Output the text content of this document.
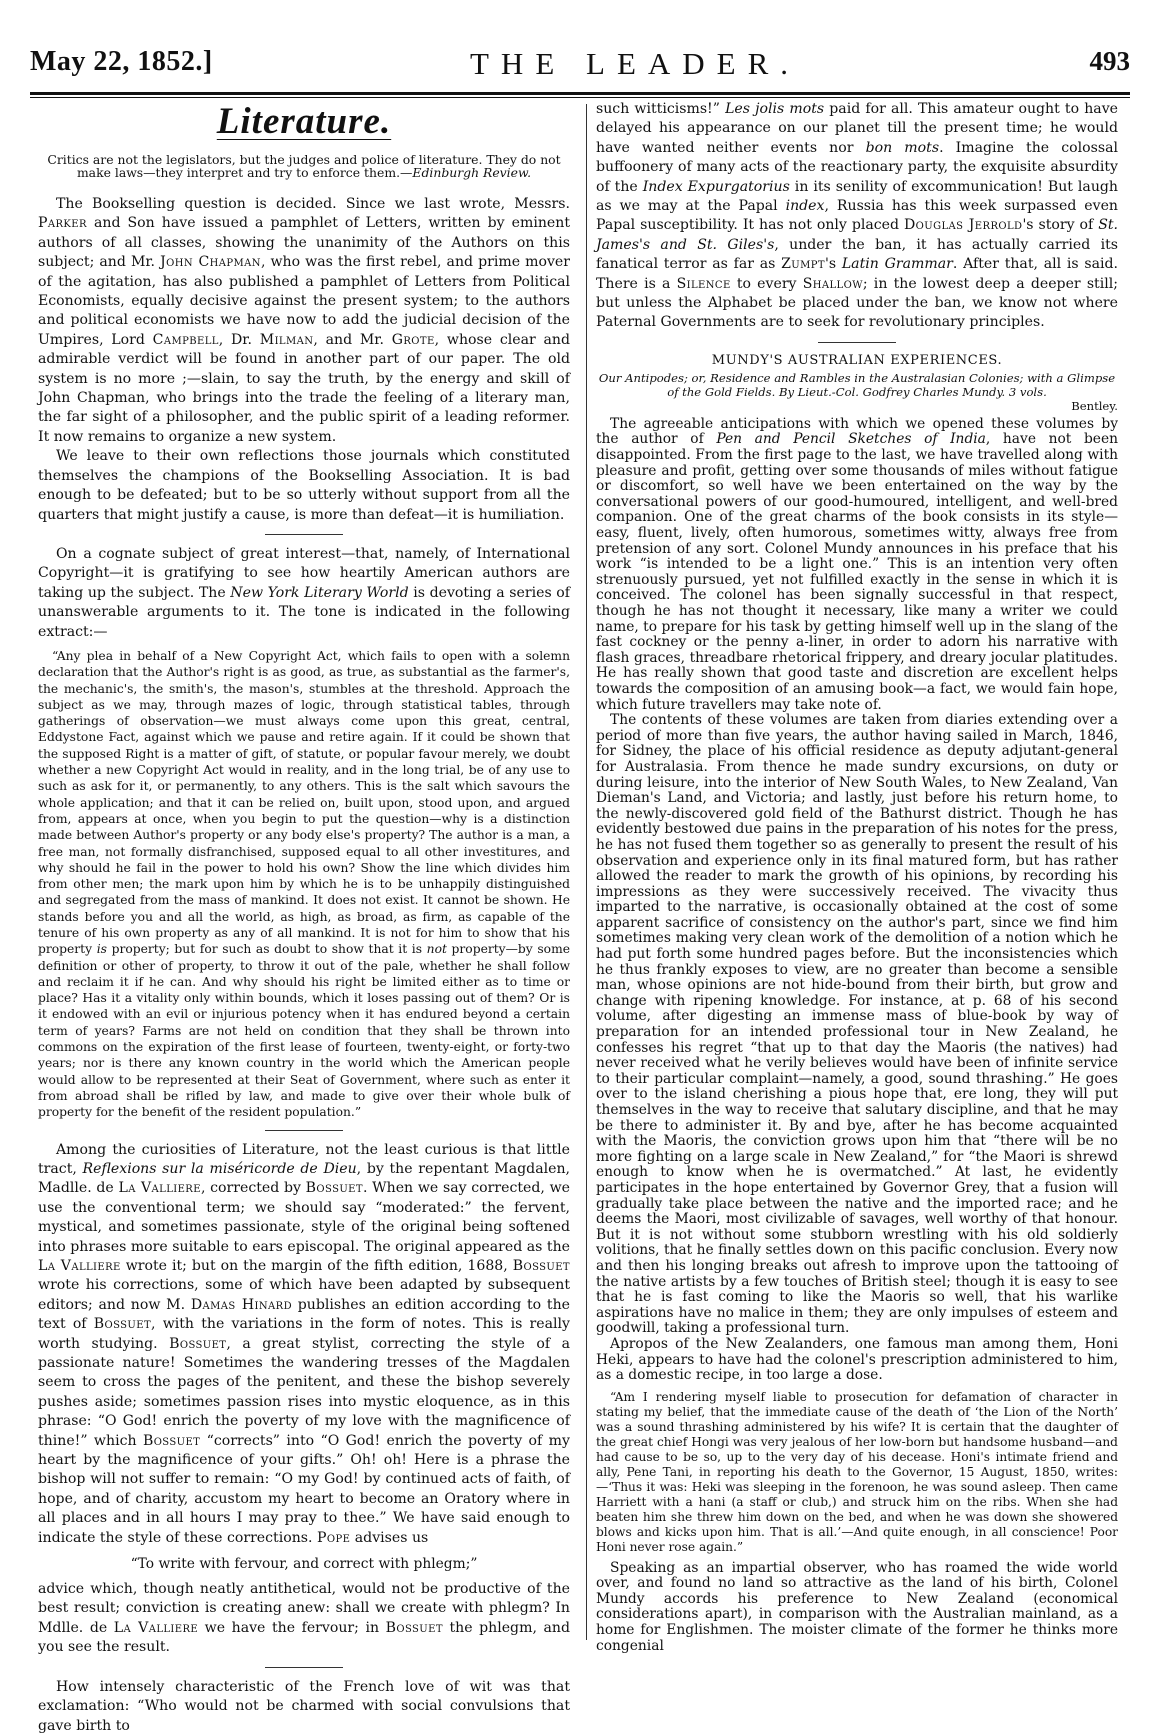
May 22, 1852.]	THE LEADER.	493
Literature.

Critics are not the legislators, but the judges and police of literature. They do not make laws—they interpret and try to enforce them.—Edinburgh Review.

The Bookselling question is decided. Since we last wrote, Messrs. Parker and Son have issued a pamphlet of Letters, written by eminent authors of all classes, showing the unanimity of the Authors on this subject; and Mr. John Chapman, who was the first rebel, and prime mover of the agitation, has also published a pamphlet of Letters from Political Economists, equally decisive against the present system; to the authors and political economists we have now to add the judicial decision of the Umpires, Lord Campbell, Dr. Milman, and Mr. Grote, whose clear and admirable verdict will be found in another part of our paper. The old system is no more ;—slain, to say the truth, by the energy and skill of John Chapman, who brings into the trade the feeling of a literary man, the far sight of a philosopher, and the public spirit of a leading reformer. It now remains to organize a new system.

We leave to their own reflections those journals which constituted themselves the champions of the Bookselling Association. It is bad enough to be defeated; but to be so utterly without support from all the quarters that might justify a cause, is more than defeat—it is humiliation.

On a cognate subject of great interest—that, namely, of International Copyright—it is gratifying to see how heartily American authors are taking up the subject. The New York Literary World is devoting a series of unanswerable arguments to it. The tone is indicated in the following extract:—

“Any plea in behalf of a New Copyright Act, which fails to open with a solemn declaration that the Author's right is as good, as true, as substantial as the farmer's, the mechanic's, the smith's, the mason's, stumbles at the threshold. Approach the subject as we may, through mazes of logic, through statistical tables, through gatherings of observation—we must always come upon this great, central, Eddystone Fact, against which we pause and retire again. If it could be shown that the supposed Right is a matter of gift, of statute, or popular favour merely, we doubt whether a new Copyright Act would in reality, and in the long trial, be of any use to such as ask for it, or permanently, to any others. This is the salt which savours the whole application; and that it can be relied on, built upon, stood upon, and argued from, appears at once, when you begin to put the question—why is a distinction made between Author's property or any body else's property? The author is a man, a free man, not formally disfranchised, supposed equal to all other investitures, and why should he fail in the power to hold his own? Show the line which divides him from other men; the mark upon him by which he is to be unhappily distinguished and segregated from the mass of mankind. It does not exist. It cannot be shown. He stands before you and all the world, as high, as broad, as firm, as capable of the tenure of his own property as any of all mankind. It is not for him to show that his property is property; but for such as doubt to show that it is not property—by some definition or other of property, to throw it out of the pale, whether he shall follow and reclaim it if he can. And why should his right be limited either as to time or place? Has it a vitality only within bounds, which it loses passing out of them? Or is it endowed with an evil or injurious potency when it has endured beyond a certain term of years? Farms are not held on condition that they shall be thrown into commons on the expiration of the first lease of fourteen, twenty-eight, or forty-two years; nor is there any known country in the world which the American people would allow to be represented at their Seat of Government, where such as enter it from abroad shall be rifled by law, and made to give over their whole bulk of property for the benefit of the resident population.”

Among the curiosities of Literature, not the least curious is that little tract, Reflexions sur la miséricorde de Dieu, by the repentant Magdalen, Madlle. de La Valliere, corrected by Bossuet. When we say corrected, we use the conventional term; we should say “moderated:” the fervent, mystical, and sometimes passionate, style of the original being softened into phrases more suitable to ears episcopal. The original appeared as the La Valliere wrote it; but on the margin of the fifth edition, 1688, Bossuet wrote his corrections, some of which have been adapted by subsequent editors; and now M. Damas Hinard publishes an edition according to the text of Bossuet, with the variations in the form of notes. This is really worth studying. Bossuet, a great stylist, correcting the style of a passionate nature! Sometimes the wandering tresses of the Magdalen seem to cross the pages of the penitent, and these the bishop severely pushes aside; sometimes passion rises into mystic eloquence, as in this phrase: “O God! enrich the poverty of my love with the magnificence of thine!” which Bossuet “corrects” into “O God! enrich the poverty of my heart by the magnificence of your gifts.” Oh! oh! Here is a phrase the bishop will not suffer to remain: “O my God! by continued acts of faith, of hope, and of charity, accustom my heart to become an Oratory where in all places and in all hours I may pray to thee.” We have said enough to indicate the style of these corrections. Pope advises us

“To write with fervour, and correct with phlegm;”

advice which, though neatly antithetical, would not be productive of the best result; conviction is creating anew: shall we create with phlegm? In Mdlle. de La Valliere we have the fervour; in Bossuet the phlegm, and you see the result.

How intensely characteristic of the French love of wit was that exclamation: “Who would not be charmed with social convulsions that gave birth to

such witticisms!” Les jolis mots paid for all. This amateur ought to have delayed his appearance on our planet till the present time; he would have wanted neither events nor bon mots. Imagine the colossal buffoonery of many acts of the reactionary party, the exquisite absurdity of the Index Expurgatorius in its senility of excommunication! But laugh as we may at the Papal index, Russia has this week surpassed even Papal susceptibility. It has not only placed Douglas Jerrold's story of St. James's and St. Giles's, under the ban, it has actually carried its fanatical terror as far as Zumpt's Latin Grammar. After that, all is said. There is a Silence to every Shallow; in the lowest deep a deeper still; but unless the Alphabet be placed under the ban, we know not where Paternal Governments are to seek for revolutionary principles.

MUNDY'S AUSTRALIAN EXPERIENCES.

Our Antipodes; or, Residence and Rambles in the Australasian Colonies; with a Glimpse of the Gold Fields. By Lieut.-Col. Godfrey Charles Mundy. 3 vols.

Bentley.

The agreeable anticipations with which we opened these volumes by the author of Pen and Pencil Sketches of India, have not been disappointed. From the first page to the last, we have travelled along with pleasure and profit, getting over some thousands of miles without fatigue or discomfort, so well have we been entertained on the way by the conversational powers of our good-humoured, intelligent, and well-bred companion. One of the great charms of the book consists in its style—easy, fluent, lively, often humorous, sometimes witty, always free from pretension of any sort. Colonel Mundy announces in his preface that his work “is intended to be a light one.” This is an intention very often strenuously pursued, yet not fulfilled exactly in the sense in which it is conceived. The colonel has been signally successful in that respect, though he has not thought it necessary, like many a writer we could name, to prepare for his task by getting himself well up in the slang of the fast cockney or the penny a-liner, in order to adorn his narrative with flash graces, threadbare rhetorical frippery, and dreary jocular platitudes. He has really shown that good taste and discretion are excellent helps towards the composition of an amusing book—a fact, we would fain hope, which future travellers may take note of.

The contents of these volumes are taken from diaries extending over a period of more than five years, the author having sailed in March, 1846, for Sidney, the place of his official residence as deputy adjutant-general for Australasia. From thence he made sundry excursions, on duty or during leisure, into the interior of New South Wales, to New Zealand, Van Dieman's Land, and Victoria; and lastly, just before his return home, to the newly-discovered gold field of the Bathurst district. Though he has evidently bestowed due pains in the preparation of his notes for the press, he has not fused them together so as generally to present the result of his observation and experience only in its final matured form, but has rather allowed the reader to mark the growth of his opinions, by recording his impressions as they were successively received. The vivacity thus imparted to the narrative, is occasionally obtained at the cost of some apparent sacrifice of consistency on the author's part, since we find him sometimes making very clean work of the demolition of a notion which he had put forth some hundred pages before. But the inconsistencies which he thus frankly exposes to view, are no greater than become a sensible man, whose opinions are not hide-bound from their birth, but grow and change with ripening knowledge. For instance, at p. 68 of his second volume, after digesting an immense mass of blue-book by way of preparation for an intended professional tour in New Zealand, he confesses his regret “that up to that day the Maoris (the natives) had never received what he verily believes would have been of infinite service to their particular complaint—namely, a good, sound thrashing.” He goes over to the island cherishing a pious hope that, ere long, they will put themselves in the way to receive that salutary discipline, and that he may be there to administer it. By and bye, after he has become acquainted with the Maoris, the conviction grows upon him that “there will be no more fighting on a large scale in New Zealand,” for “the Maori is shrewd enough to know when he is overmatched.” At last, he evidently participates in the hope entertained by Governor Grey, that a fusion will gradually take place between the native and the imported race; and he deems the Maori, most civilizable of savages, well worthy of that honour. But it is not without some stubborn wrestling with his old soldierly volitions, that he finally settles down on this pacific conclusion. Every now and then his longing breaks out afresh to improve upon the tattooing of the native artists by a few touches of British steel; though it is easy to see that he is fast coming to like the Maoris so well, that his warlike aspirations have no malice in them; they are only impulses of esteem and goodwill, taking a professional turn.

Apropos of the New Zealanders, one famous man among them, Honi Heki, appears to have had the colonel's prescription administered to him, as a domestic recipe, in too large a dose.

“Am I rendering myself liable to prosecution for defamation of character in stating my belief, that the immediate cause of the death of ‘the Lion of the North’ was a sound thrashing administered by his wife? It is certain that the daughter of the great chief Hongi was very jealous of her low-born but handsome husband—and had cause to be so, up to the very day of his decease. Honi's intimate friend and ally, Pene Tani, in reporting his death to the Governor, 15 August, 1850, writes:—‘Thus it was: Heki was sleeping in the forenoon, he was sound asleep. Then came Harriett with a hani (a staff or club,) and struck him on the ribs. When she had beaten him she threw him down on the bed, and when he was down she showered blows and kicks upon him. That is all.’—And quite enough, in all conscience! Poor Honi never rose again.”

Speaking as an impartial observer, who has roamed the wide world over, and found no land so attractive as the land of his birth, Colonel Mundy accords his preference to New Zealand (economical considerations apart), in comparison with the Australian mainland, as a home for Englishmen. The moister climate of the former he thinks more congenial
